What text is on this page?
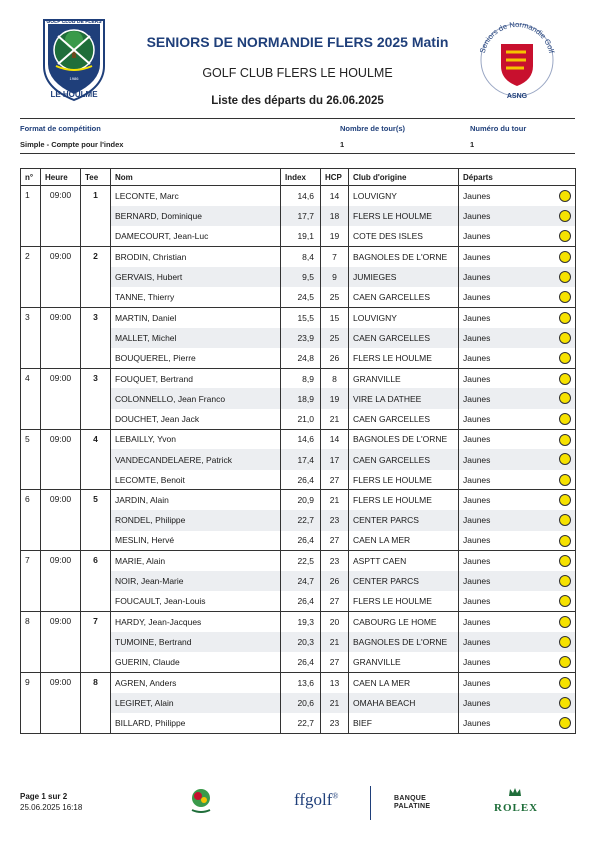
GOLF CLUB DE FLERS
1986
LE HOULME
SENIORS DE NORMANDIE FLERS 2025 Matin
GOLF CLUB FLERS LE HOULME
Liste des départs du 26.06.2025
Seniors de Normandie Golf
ASNG
Format de compétition
Simple - Compte pour l'index
Nombre de tour(s)
1
Numéro du tour
1
n°	Heure	Tee	Nom	Index	HCP	Club d'origine	Départs
1	09:00	1	LECONTE, Marc	14,6	14	LOUVIGNY	Jaunes

			BERNARD, Dominique	17,7	18	FLERS LE HOULME	Jaunes

			DAMECOURT, Jean-Luc	19,1	19	COTE DES ISLES	Jaunes

2	09:00	2	BRODIN, Christian	8,4	7	BAGNOLES DE L'ORNE	Jaunes

			GERVAIS, Hubert	9,5	9	JUMIEGES	Jaunes

			TANNE, Thierry	24,5	25	CAEN GARCELLES	Jaunes

3	09:00	3	MARTIN, Daniel	15,5	15	LOUVIGNY	Jaunes

			MALLET, Michel	23,9	25	CAEN GARCELLES	Jaunes

			BOUQUEREL, Pierre	24,8	26	FLERS LE HOULME	Jaunes

4	09:00	3	FOUQUET, Bertrand	8,9	8	GRANVILLE	Jaunes

			COLONNELLO, Jean Franco	18,9	19	VIRE LA DATHEE	Jaunes

			DOUCHET, Jean Jack	21,0	21	CAEN GARCELLES	Jaunes

5	09:00	4	LEBAILLY, Yvon	14,6	14	BAGNOLES DE L'ORNE	Jaunes

			VANDECANDELAERE, Patrick	17,4	17	CAEN GARCELLES	Jaunes

			LECOMTE, Benoit	26,4	27	FLERS LE HOULME	Jaunes

6	09:00	5	JARDIN, Alain	20,9	21	FLERS LE HOULME	Jaunes

			RONDEL, Philippe	22,7	23	CENTER PARCS	Jaunes

			MESLIN, Hervé	26,4	27	CAEN LA MER	Jaunes

7	09:00	6	MARIE, Alain	22,5	23	ASPTT CAEN	Jaunes

			NOIR, Jean-Marie	24,7	26	CENTER PARCS	Jaunes

			FOUCAULT, Jean-Louis	26,4	27	FLERS LE HOULME	Jaunes

8	09:00	7	HARDY, Jean-Jacques	19,3	20	CABOURG LE HOME	Jaunes

			TUMOINE, Bertrand	20,3	21	BAGNOLES DE L'ORNE	Jaunes

			GUERIN, Claude	26,4	27	GRANVILLE	Jaunes

9	09:00	8	AGREN, Anders	13,6	13	CAEN LA MER	Jaunes

			LEGIRET, Alain	20,6	21	OMAHA BEACH	Jaunes

			BILLARD, Philippe	22,7	23	BIEF	Jaunes
Page 1 sur 2
25.06.2025 16:18	ffgolf®	BANQUE PALATINE	ROLEX
